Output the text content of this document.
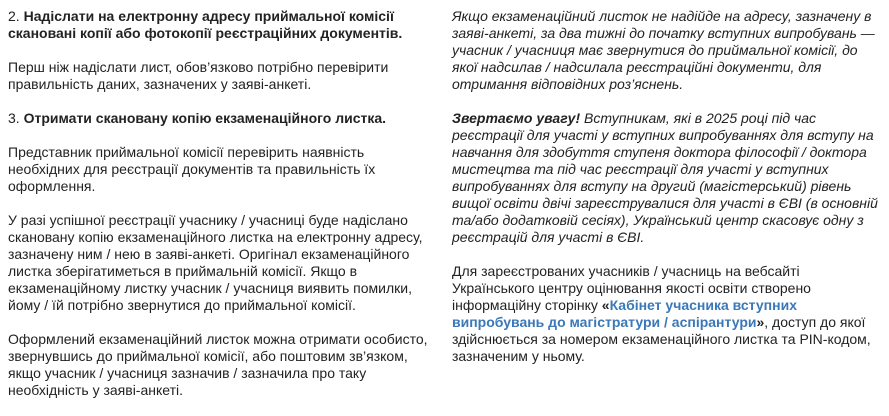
2. Надіслати на електронну адресу приймальної комісії скановані копії або фотокопії реєстраційних документів.

Перш ніж надіслати лист, обов’язково потрібно перевірити правильність даних, зазначених у заяві-анкеті.

3. Отримати скановану копію екзаменаційного листка.

Представник приймальної комісії перевірить наявність необхідних для реєстрації документів та правильність їх оформлення.

У разі успішної реєстрації учаснику / учасниці буде надіслано скановану копію екзаменаційного листка на електронну адресу, зазначену ним / нею в заяві-анкеті. Оригінал екзаменаційного листка зберігатиметься в приймальній комісії. Якщо в екзаменаційному листку учасник / учасниця виявить помилки, йому / їй потрібно звернутися до приймальної комісії.

Оформлений екзаменаційний листок можна отримати особисто, звернувшись до приймальної комісії, або поштовим зв’язком, якщо учасник / учасниця зазначив / зазначила про таку необхідність у заяві-анкеті.

Якщо екзаменаційний листок не надійде на адресу, зазначену в заяві-анкеті, за два тижні до початку вступних випробувань — учасник / учасниця має звернутися до приймальної комісії, до якої надсилав / надсилала реєстраційні документи, для отримання відповідних роз’яснень.

Звертаємо увагу! Вступникам, які в 2025 році під час реєстрації для участі у вступних випробуваннях для вступу на навчання для здобуття ступеня доктора філософії / доктора мистецтва та під час реєстрації для участі у вступних випробуваннях для вступу на другий (магістерський) рівень вищої освіти двічі зареєструвалися для участі в ЄВІ (в основній та/або додатковій сесіях), Український центр скасовує одну з реєстрацій для участі в ЄВІ.

Для зареєстрованих учасників / учасниць на вебсайті Українського центру оцінювання якості освіти створено інформаційну сторінку «Кабінет учасника вступних випробувань до магістратури / аспірантури», доступ до якої здійснюється за номером екзаменаційного листка та PIN-кодом, зазначеним у ньому.
